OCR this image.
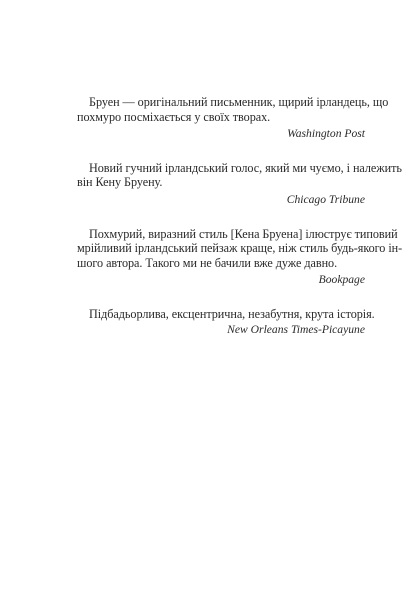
Бруен — оригінальний письменник, щирий ірландець, що
похмуро посміхається у своїх творах.

Washington Post

Новий гучний ірландський голос, який ми чуємо, і належить
він Кену Бруену.

Chicago Tribune

Похмурий, виразний стиль [Кена Бруена] ілюструє типовий
мрійливий ірландський пейзаж краще, ніж стиль будь-якого ін-
шого автора. Такого ми не бачили вже дуже давно.

Bookpage

Підбадьорлива, ексцентрична, незабутня, крута історія.

New Orleans Times-Picayune
